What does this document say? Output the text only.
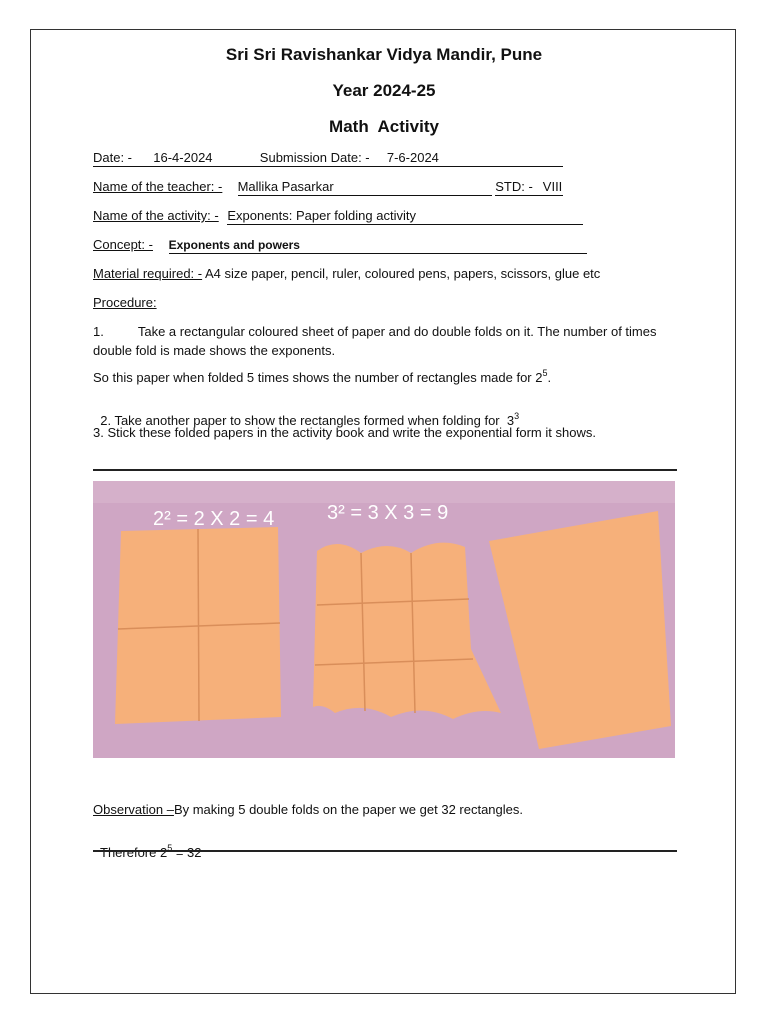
Sri Sri Ravishankar Vidya Mandir, Pune
Year 2024-25
Math  Activity
Date: - 16-4-2024	Submission Date: - 7-6-2024
Name of the teacher: - Mallika Pasarkar	STD: - VIII
Name of the activity: - Exponents: Paper folding activity
Concept: - Exponents and powers
Material required: - A4 size paper, pencil, ruler, coloured pens, papers, scissors, glue etc
Procedure:
1.	Take a rectangular coloured sheet of paper and do double folds on it. The number of times double fold is made shows the exponents.
So this paper when folded 5 times shows the number of rectangles made for $2^5$.

2. Take another paper to show the rectangles formed when folding for  $3^3$

3. Stick these folded papers in the activity book and write the exponential form it shows.
2² = 2 X 2 = 4	3² = 3 X 3 = 9
Observation –By making 5 double folds on the paper we get 32 rectangles.

Therefore $2^5 = 32$
